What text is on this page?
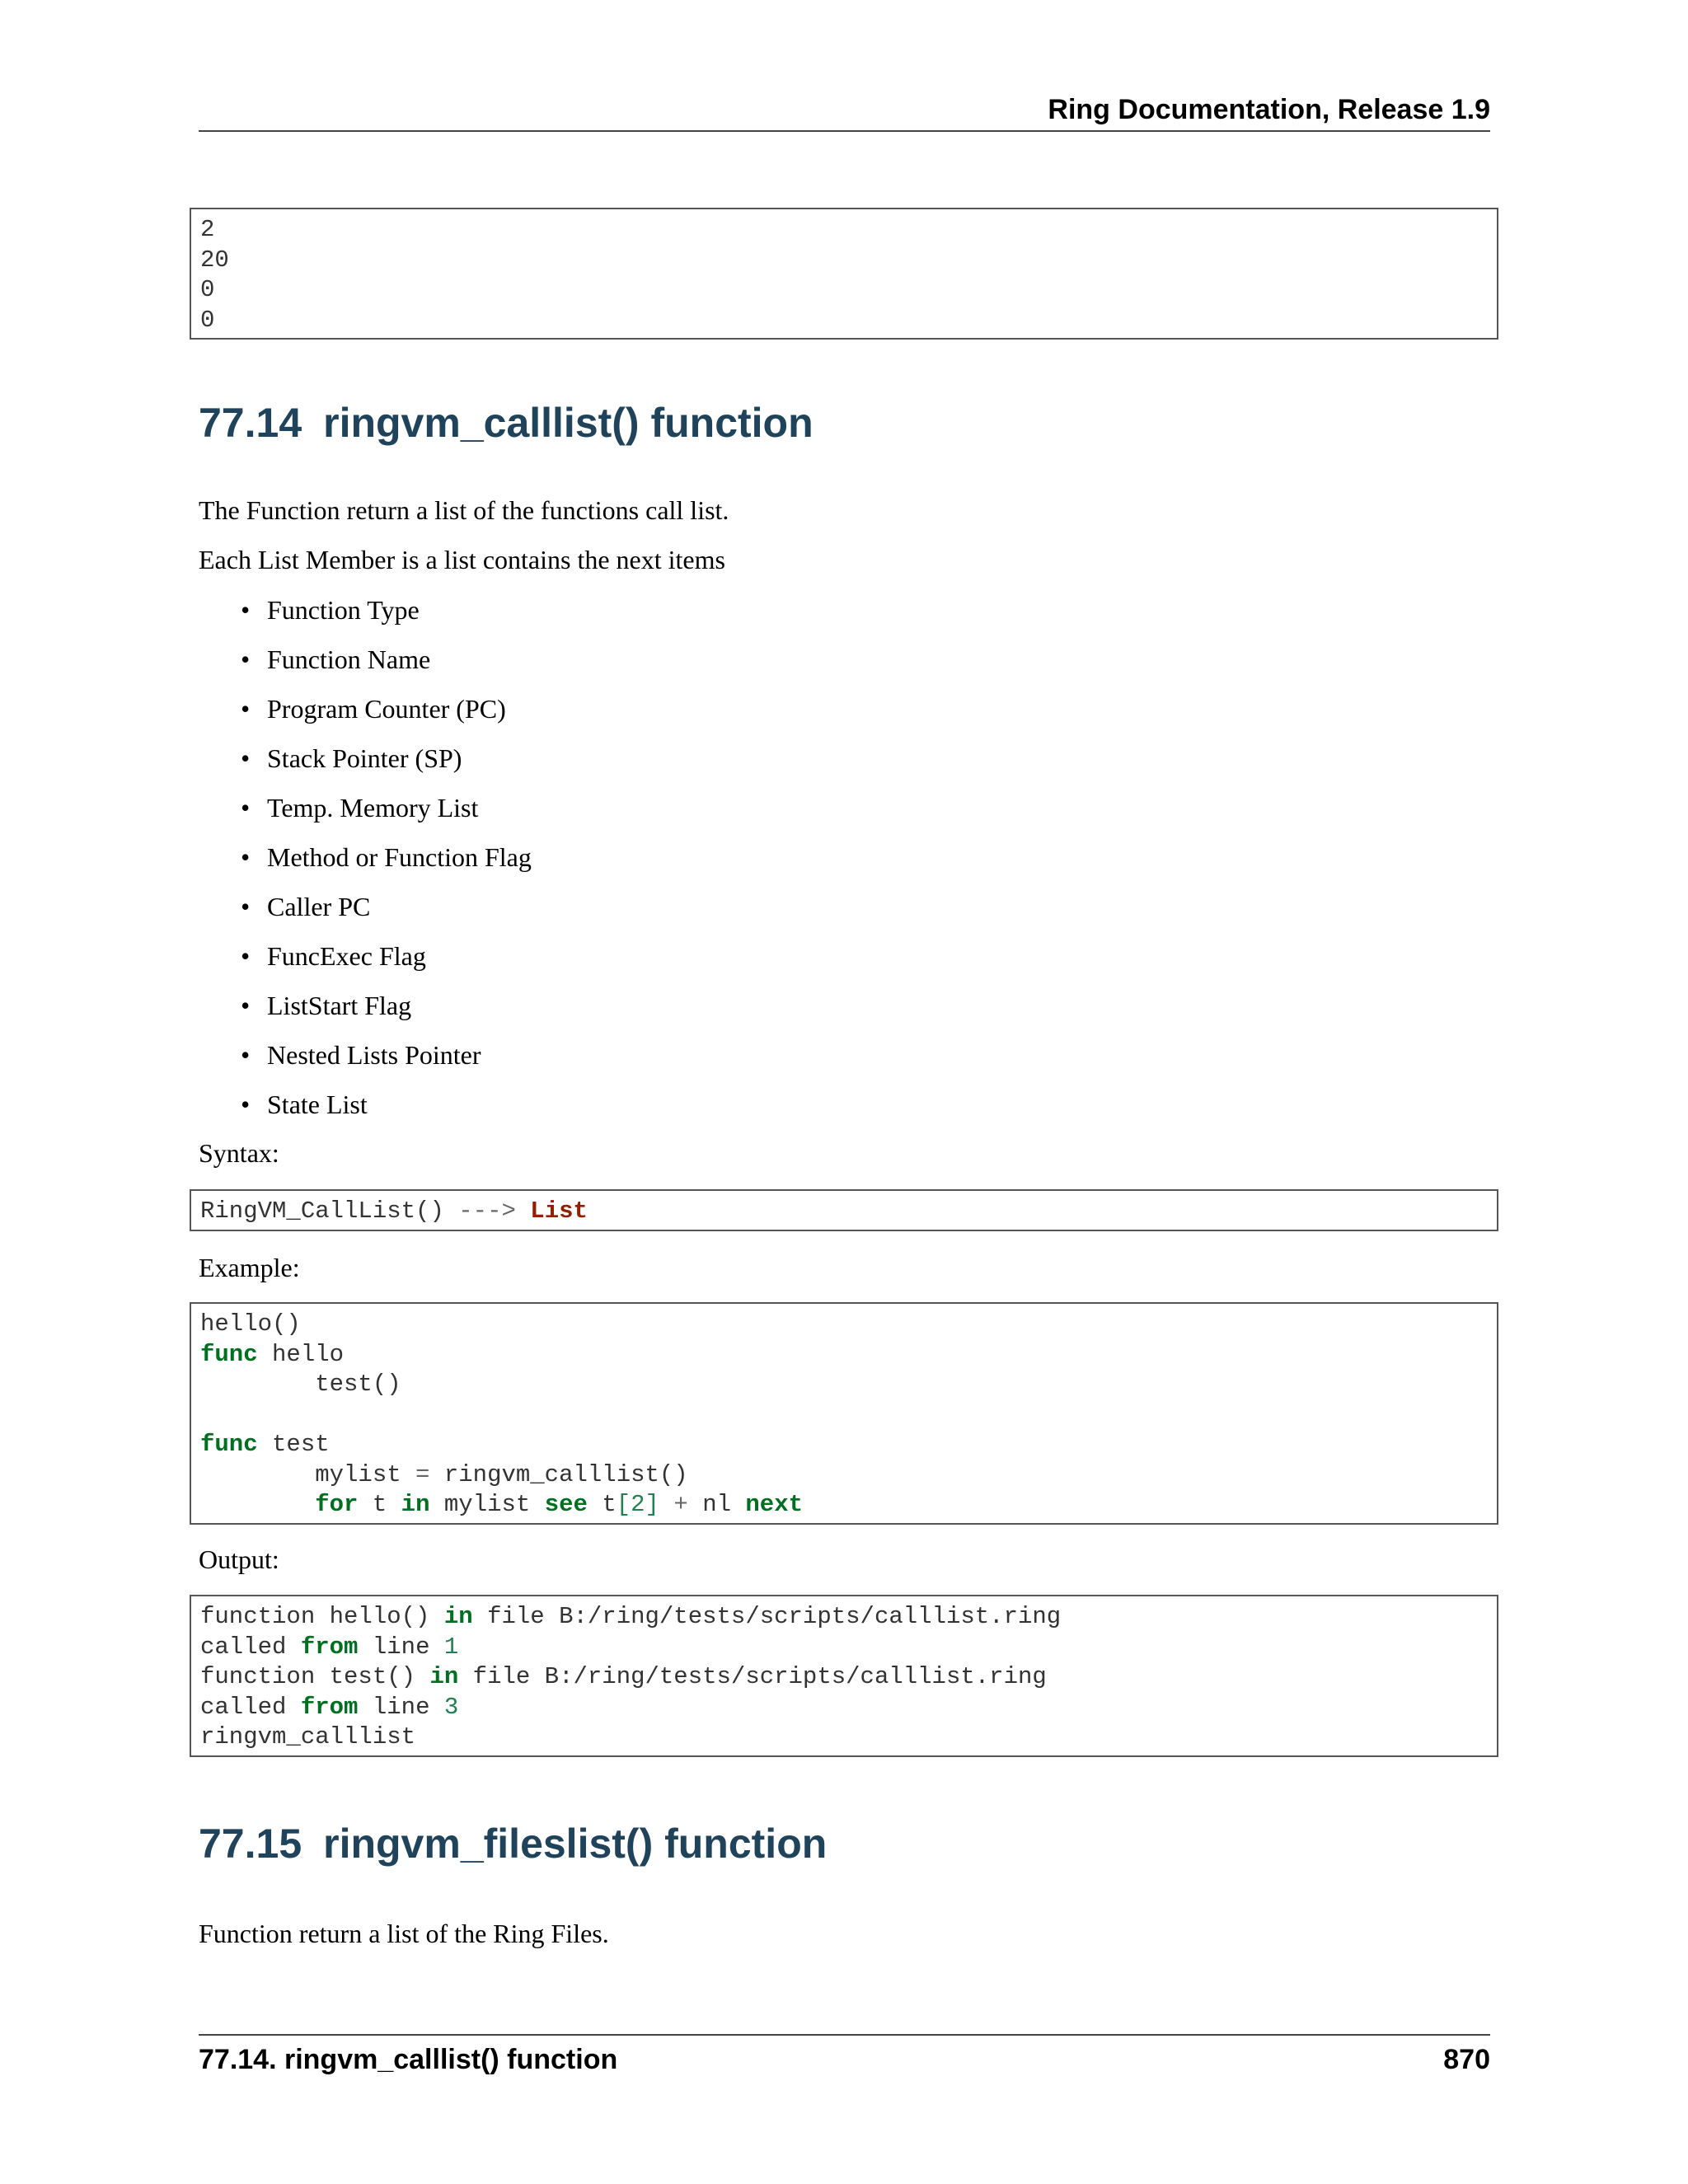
Ring Documentation, Release 1.9
2
20
0
0
77.14 ringvm_calllist() function
The Function return a list of the functions call list.
Each List Member is a list contains the next items
• Function Type
• Function Name
• Program Counter (PC)
• Stack Pointer (SP)
• Temp. Memory List
• Method or Function Flag
• Caller PC
• FuncExec Flag
• ListStart Flag
• Nested Lists Pointer
• State List
Syntax:
RingVM_CallList() ---> List
Example:
hello()
func hello
test()
func test
mylist = ringvm_calllist()
for t in mylist see t[2] + nl next
Output:
function hello() in file B:/ring/tests/scripts/calllist.ring
called from line 1
function test() in file B:/ring/tests/scripts/calllist.ring
called from line 3
ringvm_calllist
77.15 ringvm_fileslist() function
Function return a list of the Ring Files.
77.14. ringvm_calllist() function	870
